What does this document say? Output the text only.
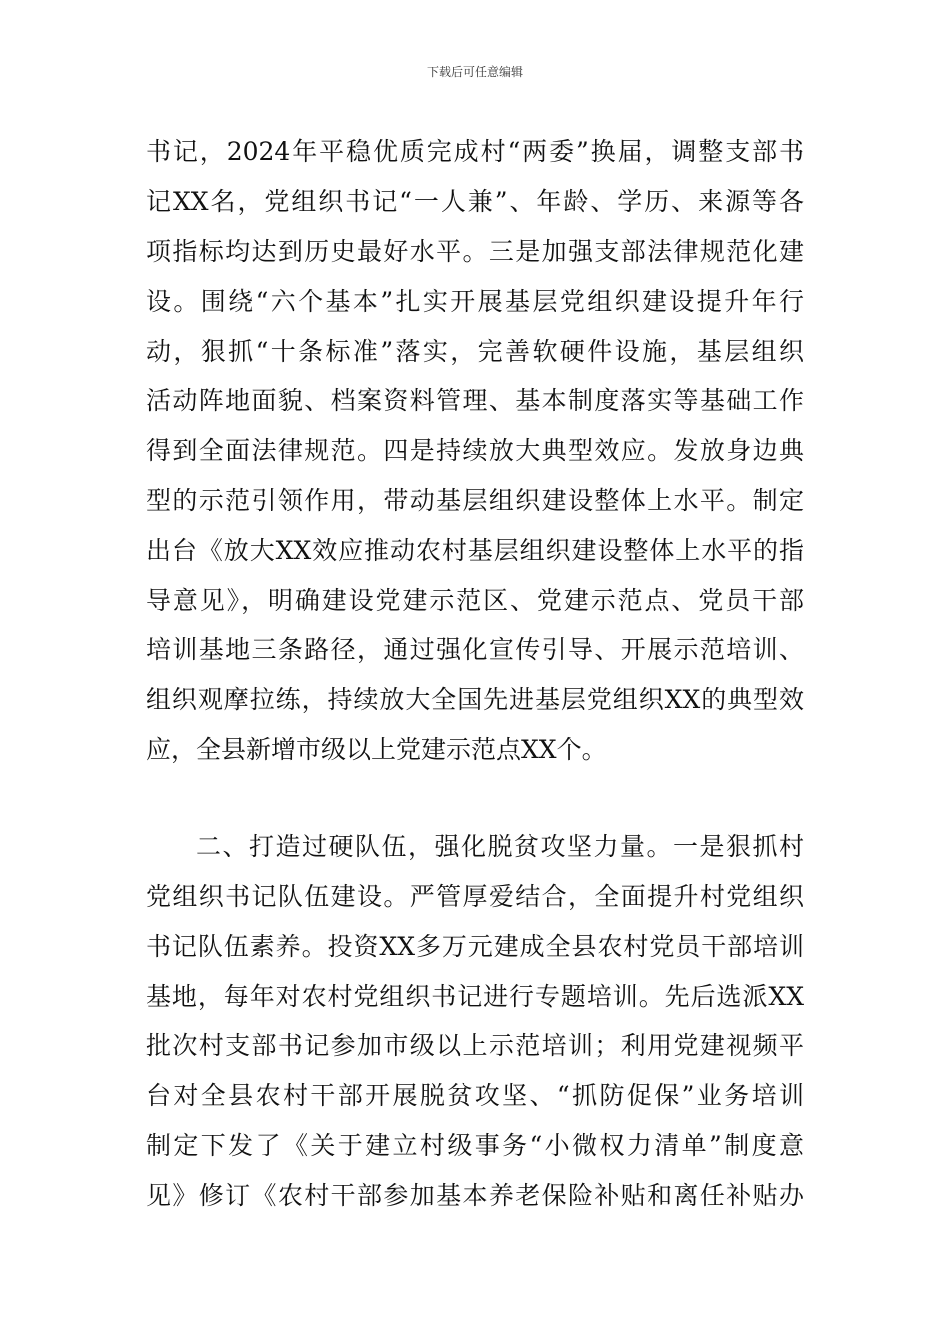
下载后可任意编辑
书记，2024年平稳优质完成村“两委”换届，调整支部书
记XX名，党组织书记“一人兼”、年龄、学历、来源等各
项指标均达到历史最好水平。三是加强支部法律规范化建
设。围绕“六个基本”扎实开展基层党组织建设提升年行
动，狠抓“十条标准”落实，完善软硬件设施，基层组织
活动阵地面貌、档案资料管理、基本制度落实等基础工作
得到全面法律规范。四是持续放大典型效应。发放身边典
型的示范引领作用，带动基层组织建设整体上水平。制定
出台《放大XX效应推动农村基层组织建设整体上水平的指
导意见》，明确建设党建示范区、党建示范点、党员干部
培训基地三条路径，通过强化宣传引导、开展示范培训、
组织观摩拉练，持续放大全国先进基层党组织XX的典型效
应，全县新增市级以上党建示范点XX个。
二、打造过硬队伍，强化脱贫攻坚力量。一是狠抓村
党组织书记队伍建设。严管厚爱结合，全面提升村党组织
书记队伍素养。投资XX多万元建成全县农村党员干部培训
基地，每年对农村党组织书记进行专题培训。先后选派XX
批次村支部书记参加市级以上示范培训；利用党建视频平
台对全县农村干部开展脱贫攻坚、“抓防促保”业务培训
制定下发了《关于建立村级事务“小微权力清单”制度意
见》修订《农村干部参加基本养老保险补贴和离任补贴办
